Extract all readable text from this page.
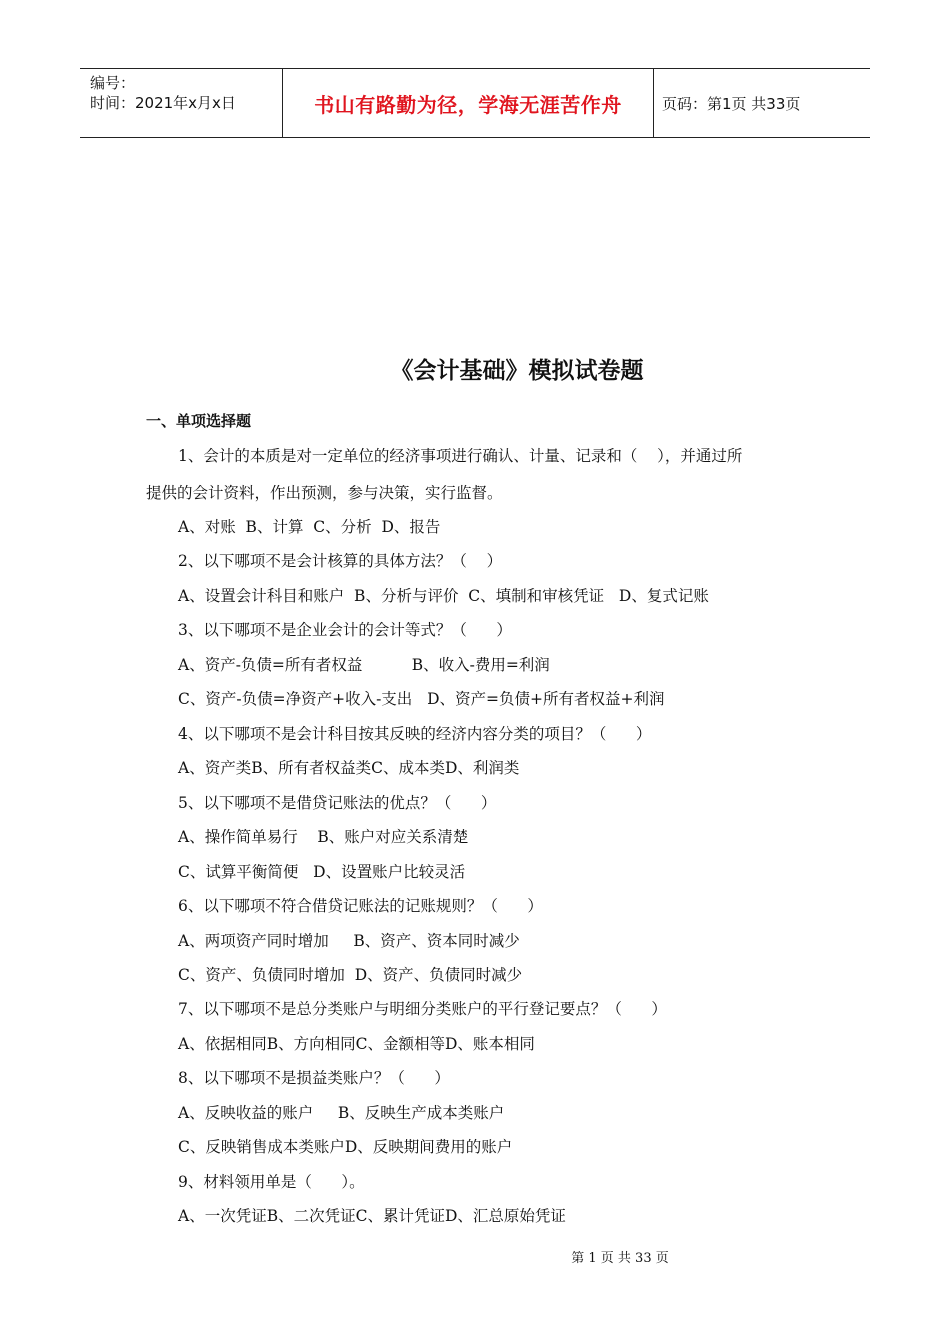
编号：
时间：2021年x月x日	书山有路勤为径，学海无涯苦作舟	页码：第1页 共33页
《会计基础》模拟试卷题
一、单项选择题
1、会计的本质是对一定单位的经济事项进行确认、计量、记录和（    ），并通过所
提供的会计资料，作出预测，参与决策，实行监督。
A、对账  B、计算  C、分析  D、报告
2、以下哪项不是会计核算的具体方法？（    ）
A、设置会计科目和账户  B、分析与评价  C、填制和审核凭证   D、复式记账
3、以下哪项不是企业会计的会计等式？（      ）
A、资产-负债=所有者权益          B、收入-费用=利润
C、资产-负债=净资产+收入-支出   D、资产=负债+所有者权益+利润
4、以下哪项不是会计科目按其反映的经济内容分类的项目？（      ）
A、资产类B、所有者权益类C、成本类D、利润类
5、以下哪项不是借贷记账法的优点？（      ）
A、操作简单易行    B、账户对应关系清楚
C、试算平衡简便   D、设置账户比较灵活
6、以下哪项不符合借贷记账法的记账规则？（      ）
A、两项资产同时增加     B、资产、资本同时减少
C、资产、负债同时增加  D、资产、负债同时减少
7、以下哪项不是总分类账户与明细分类账户的平行登记要点？（      ）
A、依据相同B、方向相同C、金额相等D、账本相同
8、以下哪项不是损益类账户？（      ）
A、反映收益的账户     B、反映生产成本类账户
C、反映销售成本类账户D、反映期间费用的账户
9、材料领用单是（      ）。
A、一次凭证B、二次凭证C、累计凭证D、汇总原始凭证
第 1 页 共 33 页
